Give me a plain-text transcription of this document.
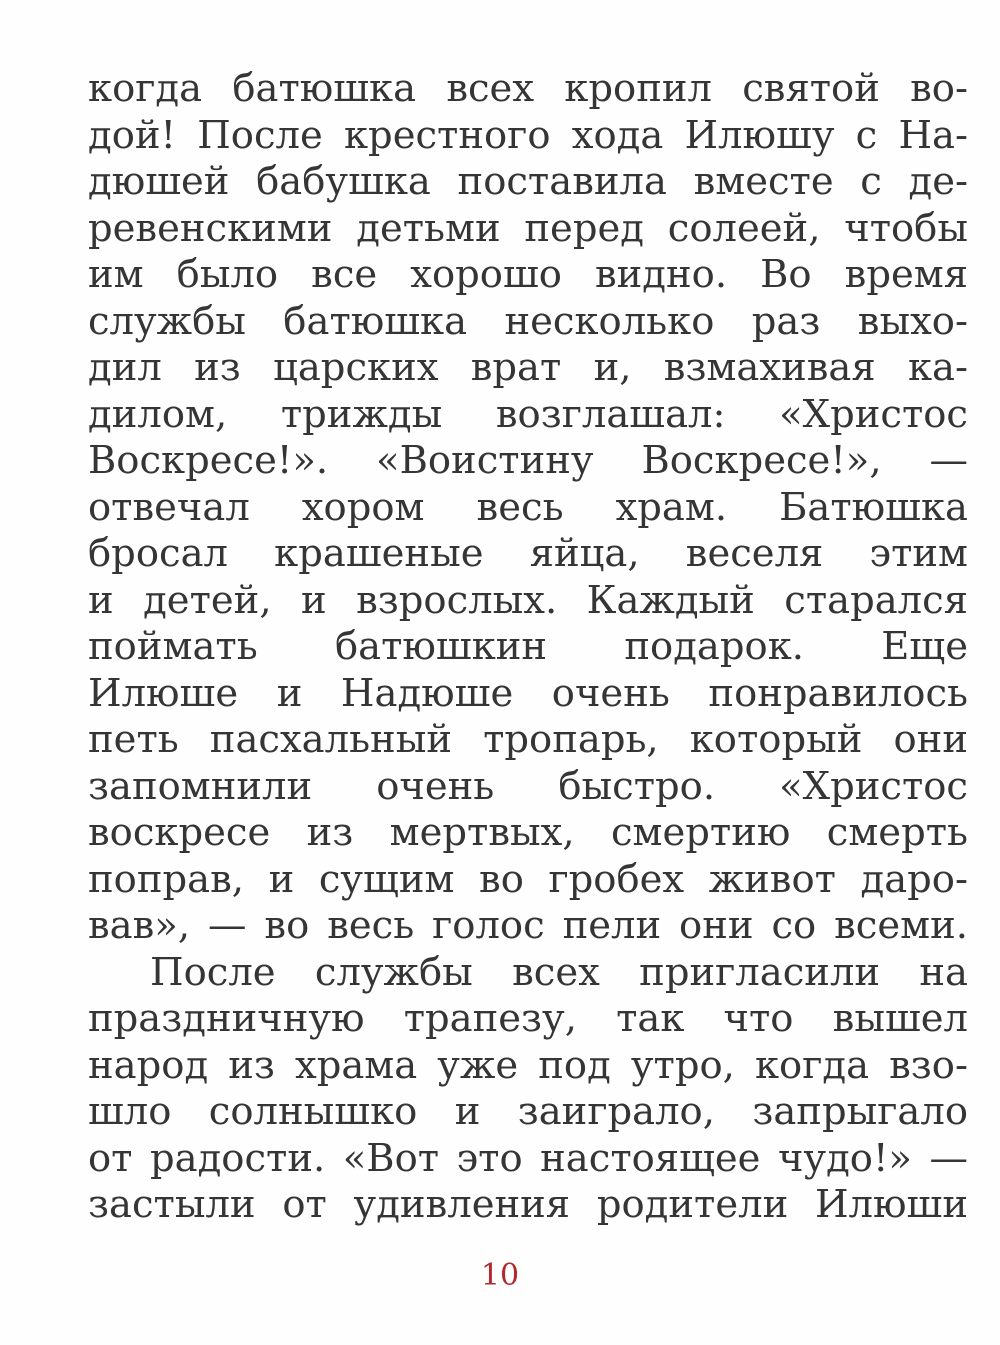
когда батюшка всех кропил святой во-
дой! После крестного хода Илюшу с На-
дюшей бабушка поставила вместе с де-
ревенскими детьми перед солеей, чтобы
им было все хорошо видно. Во время
службы батюшка несколько раз выхо-
дил из царских врат и, взмахивая ка-
дилом, трижды возглашал: «Христос
Воскресе!». «Воистину Воскресе!», —
отвечал хором весь храм. Батюшка
бросал крашеные яйца, веселя этим
и детей, и взрослых. Каждый старался
поймать батюшкин подарок. Еще
Илюше и Надюше очень понравилось
петь пасхальный тропарь, который они
запомнили очень быстро. «Христос
воскресе из мертвых, смертию смерть
поправ, и сущим во гробех живот даро-
вав», — во весь голос пели они со всеми.
После службы всех пригласили на
праздничную трапезу, так что вышел
народ из храма уже под утро, когда взо-
шло солнышко и заиграло, запрыгало
от радости. «Вот это настоящее чудо!» —
застыли от удивления родители Илюши
10
